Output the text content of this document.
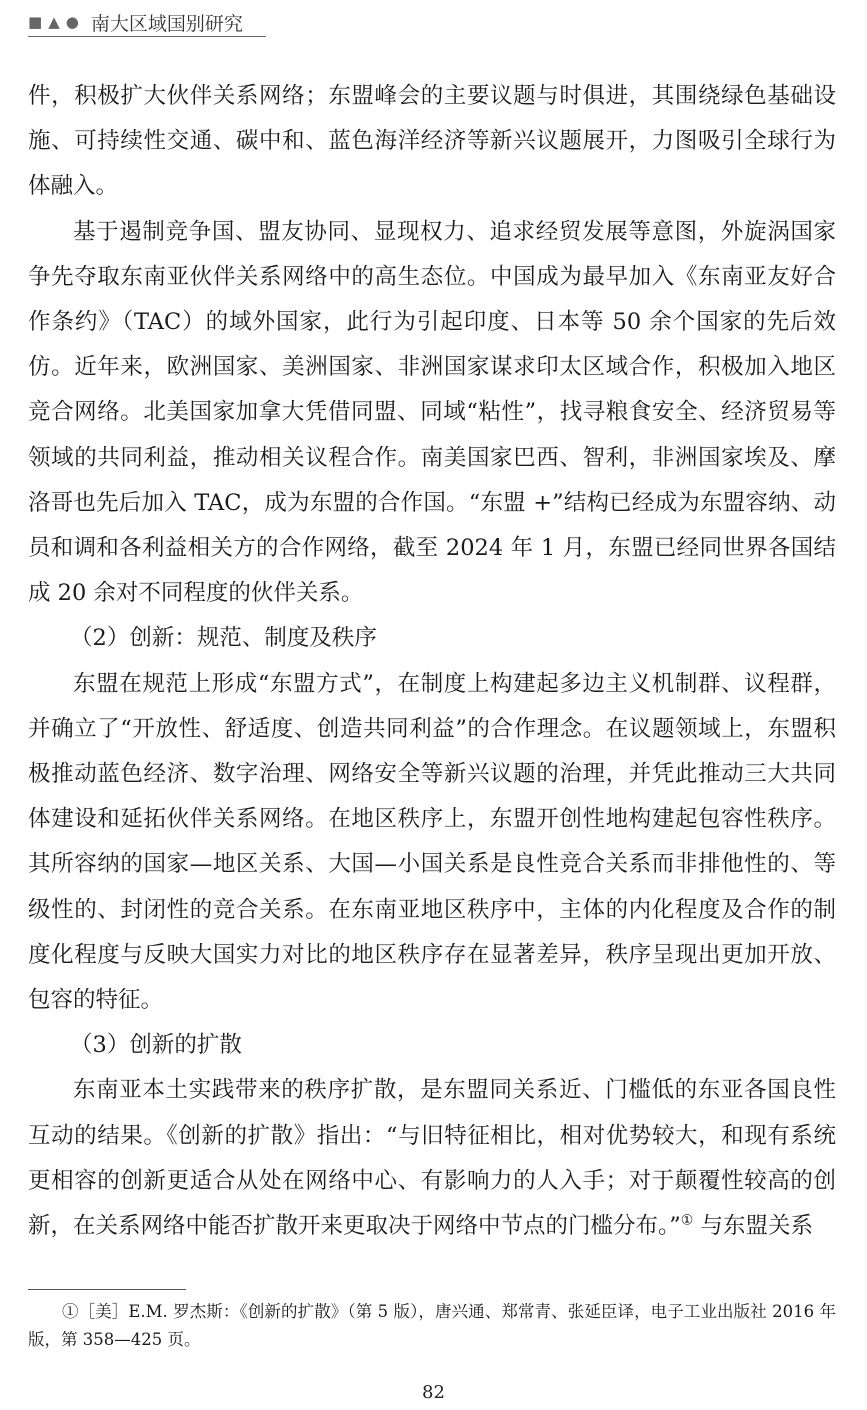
■ ▲ ● 南大区域国别研究

件，积极扩大伙伴关系网络；东盟峰会的主要议题与时俱进，其围绕绿色基础设施、可持续性交通、碳中和、蓝色海洋经济等新兴议题展开，力图吸引全球行为体融入。

基于遏制竞争国、盟友协同、显现权力、追求经贸发展等意图，外旋涡国家争先夺取东南亚伙伴关系网络中的高生态位。中国成为最早加入《东南亚友好合作条约》（TAC）的域外国家，此行为引起印度、日本等 50 余个国家的先后效仿。近年来，欧洲国家、美洲国家、非洲国家谋求印太区域合作，积极加入地区竞合网络。北美国家加拿大凭借同盟、同域“粘性”，找寻粮食安全、经济贸易等领域的共同利益，推动相关议程合作。南美国家巴西、智利，非洲国家埃及、摩洛哥也先后加入 TAC，成为东盟的合作国。“东盟 +”结构已经成为东盟容纳、动员和调和各利益相关方的合作网络，截至 2024 年 1 月，东盟已经同世界各国结成 20 余对不同程度的伙伴关系。

（2）创新：规范、制度及秩序

东盟在规范上形成“东盟方式”，在制度上构建起多边主义机制群、议程群，并确立了“开放性、舒适度、创造共同利益”的合作理念。在议题领域上，东盟积极推动蓝色经济、数字治理、网络安全等新兴议题的治理，并凭此推动三大共同体建设和延拓伙伴关系网络。在地区秩序上，东盟开创性地构建起包容性秩序。其所容纳的国家—地区关系、大国—小国关系是良性竞合关系而非排他性的、等级性的、封闭性的竞合关系。在东南亚地区秩序中，主体的内化程度及合作的制度化程度与反映大国实力对比的地区秩序存在显著差异，秩序呈现出更加开放、包容的特征。

（3）创新的扩散

东南亚本土实践带来的秩序扩散，是东盟同关系近、门槛低的东亚各国良性互动的结果。《创新的扩散》指出：“与旧特征相比，相对优势较大，和现有系统更相容的创新更适合从处在网络中心、有影响力的人入手；对于颠覆性较高的创新，在关系网络中能否扩散开来更取决于网络中节点的门槛分布。”① 与东盟关系

①［美］E.M. 罗杰斯：《创新的扩散》（第 5 版），唐兴通、郑常青、张延臣译，电子工业出版社 2016 年版，第 358—425 页。

82
